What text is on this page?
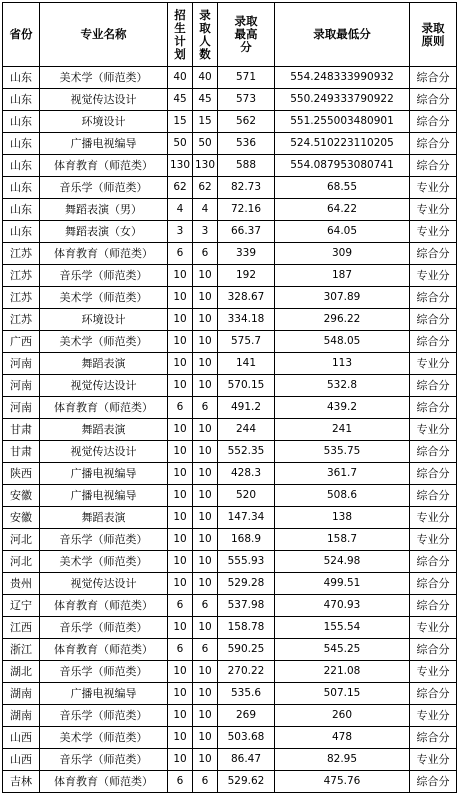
省份	专业名称	招生计划	录取人数	录取最高分	录取最低分	录取原则
山东	美术学（师范类）	40	40	571	554.248333990932	综合分
山东	视觉传达设计	45	45	573	550.249333790922	综合分
山东	环境设计	15	15	562	551.255003480901	综合分
山东	广播电视编导	50	50	536	524.510223110205	综合分
山东	体育教育（师范类）	130	130	588	554.087953080741	综合分
山东	音乐学（师范类）	62	62	82.73	68.55	专业分
山东	舞蹈表演（男）	4	4	72.16	64.22	专业分
山东	舞蹈表演（女）	3	3	66.37	64.05	专业分
江苏	体育教育（师范类）	6	6	339	309	综合分
江苏	音乐学（师范类）	10	10	192	187	专业分
江苏	美术学（师范类）	10	10	328.67	307.89	综合分
江苏	环境设计	10	10	334.18	296.22	综合分
广西	美术学（师范类）	10	10	575.7	548.05	综合分
河南	舞蹈表演	10	10	141	113	专业分
河南	视觉传达设计	10	10	570.15	532.8	综合分
河南	体育教育（师范类）	6	6	491.2	439.2	综合分
甘肃	舞蹈表演	10	10	244	241	专业分
甘肃	视觉传达设计	10	10	552.35	535.75	综合分
陕西	广播电视编导	10	10	428.3	361.7	综合分
安徽	广播电视编导	10	10	520	508.6	综合分
安徽	舞蹈表演	10	10	147.34	138	专业分
河北	音乐学（师范类）	10	10	168.9	158.7	专业分
河北	美术学（师范类）	10	10	555.93	524.98	综合分
贵州	视觉传达设计	10	10	529.28	499.51	综合分
辽宁	体育教育（师范类）	6	6	537.98	470.93	综合分
江西	音乐学（师范类）	10	10	158.78	155.54	专业分
浙江	体育教育（师范类）	6	6	590.25	545.25	综合分
湖北	音乐学（师范类）	10	10	270.22	221.08	专业分
湖南	广播电视编导	10	10	535.6	507.15	综合分
湖南	音乐学（师范类）	10	10	269	260	专业分
山西	美术学（师范类）	10	10	503.68	478	综合分
山西	音乐学（师范类）	10	10	86.47	82.95	专业分
吉林	体育教育（师范类）	6	6	529.62	475.76	综合分
